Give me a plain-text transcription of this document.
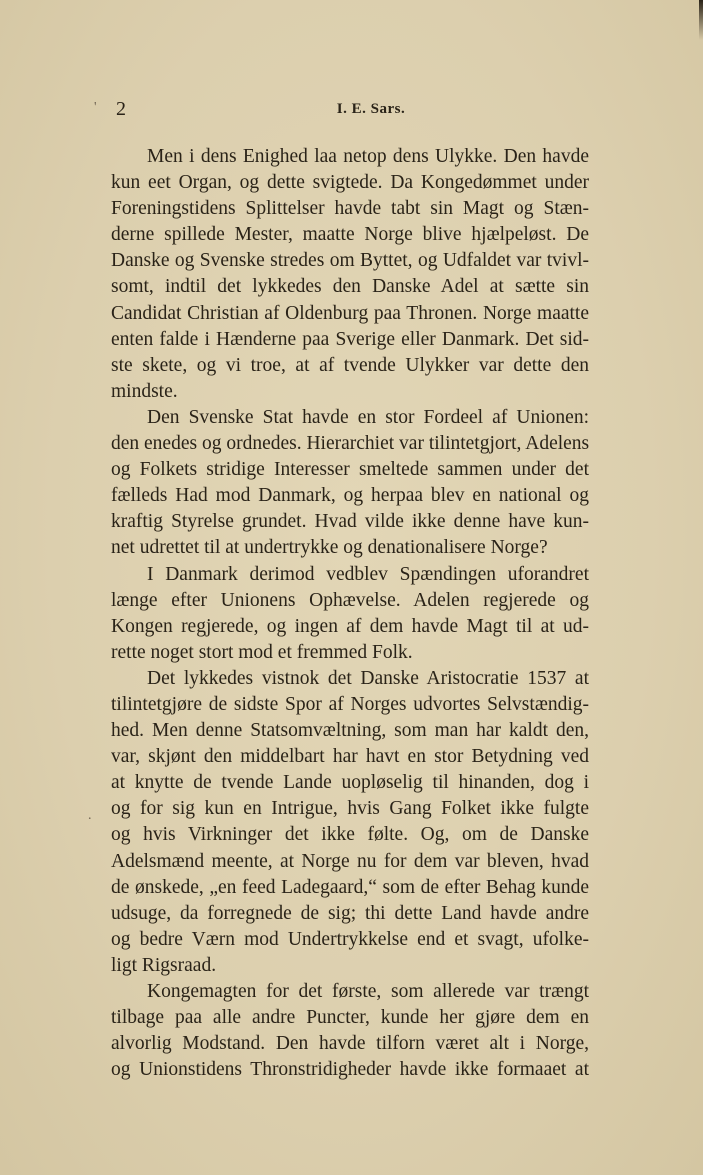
2	I. E. Sars.
Men i dens Enighed laa netop dens Ulykke. Den havde
kun eet Organ, og dette svigtede. Da Kongedømmet under
Foreningstidens Splittelser havde tabt sin Magt og Stæn-
derne spillede Mester, maatte Norge blive hjælpeløst. De
Danske og Svenske stredes om Byttet, og Udfaldet var tvivl-
somt, indtil det lykkedes den Danske Adel at sætte sin
Candidat Christian af Oldenburg paa Thronen. Norge maatte
enten falde i Hænderne paa Sverige eller Danmark. Det sid-
ste skete, og vi troe, at af tvende Ulykker var dette den
mindste.
Den Svenske Stat havde en stor Fordeel af Unionen:
den enedes og ordnedes. Hierarchiet var tilintetgjort, Adelens
og Folkets stridige Interesser smeltede sammen under det
fælleds Had mod Danmark, og herpaa blev en national og
kraftig Styrelse grundet. Hvad vilde ikke denne have kun-
net udrettet til at undertrykke og denationalisere Norge?
I Danmark derimod vedblev Spændingen uforandret
længe efter Unionens Ophævelse. Adelen regjerede og
Kongen regjerede, og ingen af dem havde Magt til at ud-
rette noget stort mod et fremmed Folk.
Det lykkedes vistnok det Danske Aristocratie 1537 at
tilintetgjøre de sidste Spor af Norges udvortes Selvstændig-
hed. Men denne Statsomvæltning, som man har kaldt den,
var, skjønt den middelbart har havt en stor Betydning ved
at knytte de tvende Lande uopløselig til hinanden, dog i
og for sig kun en Intrigue, hvis Gang Folket ikke fulgte
og hvis Virkninger det ikke følte. Og, om de Danske
Adelsmænd meente, at Norge nu for dem var bleven, hvad
de ønskede, „en feed Ladegaard,“ som de efter Behag kunde
udsuge, da forregnede de sig; thi dette Land havde andre
og bedre Værn mod Undertrykkelse end et svagt, ufolke-
ligt Rigsraad.
Kongemagten for det første, som allerede var trængt
tilbage paa alle andre Puncter, kunde her gjøre dem en
alvorlig Modstand. Den havde tilforn været alt i Norge,
og Unionstidens Thronstridigheder havde ikke formaaet at
'
.
